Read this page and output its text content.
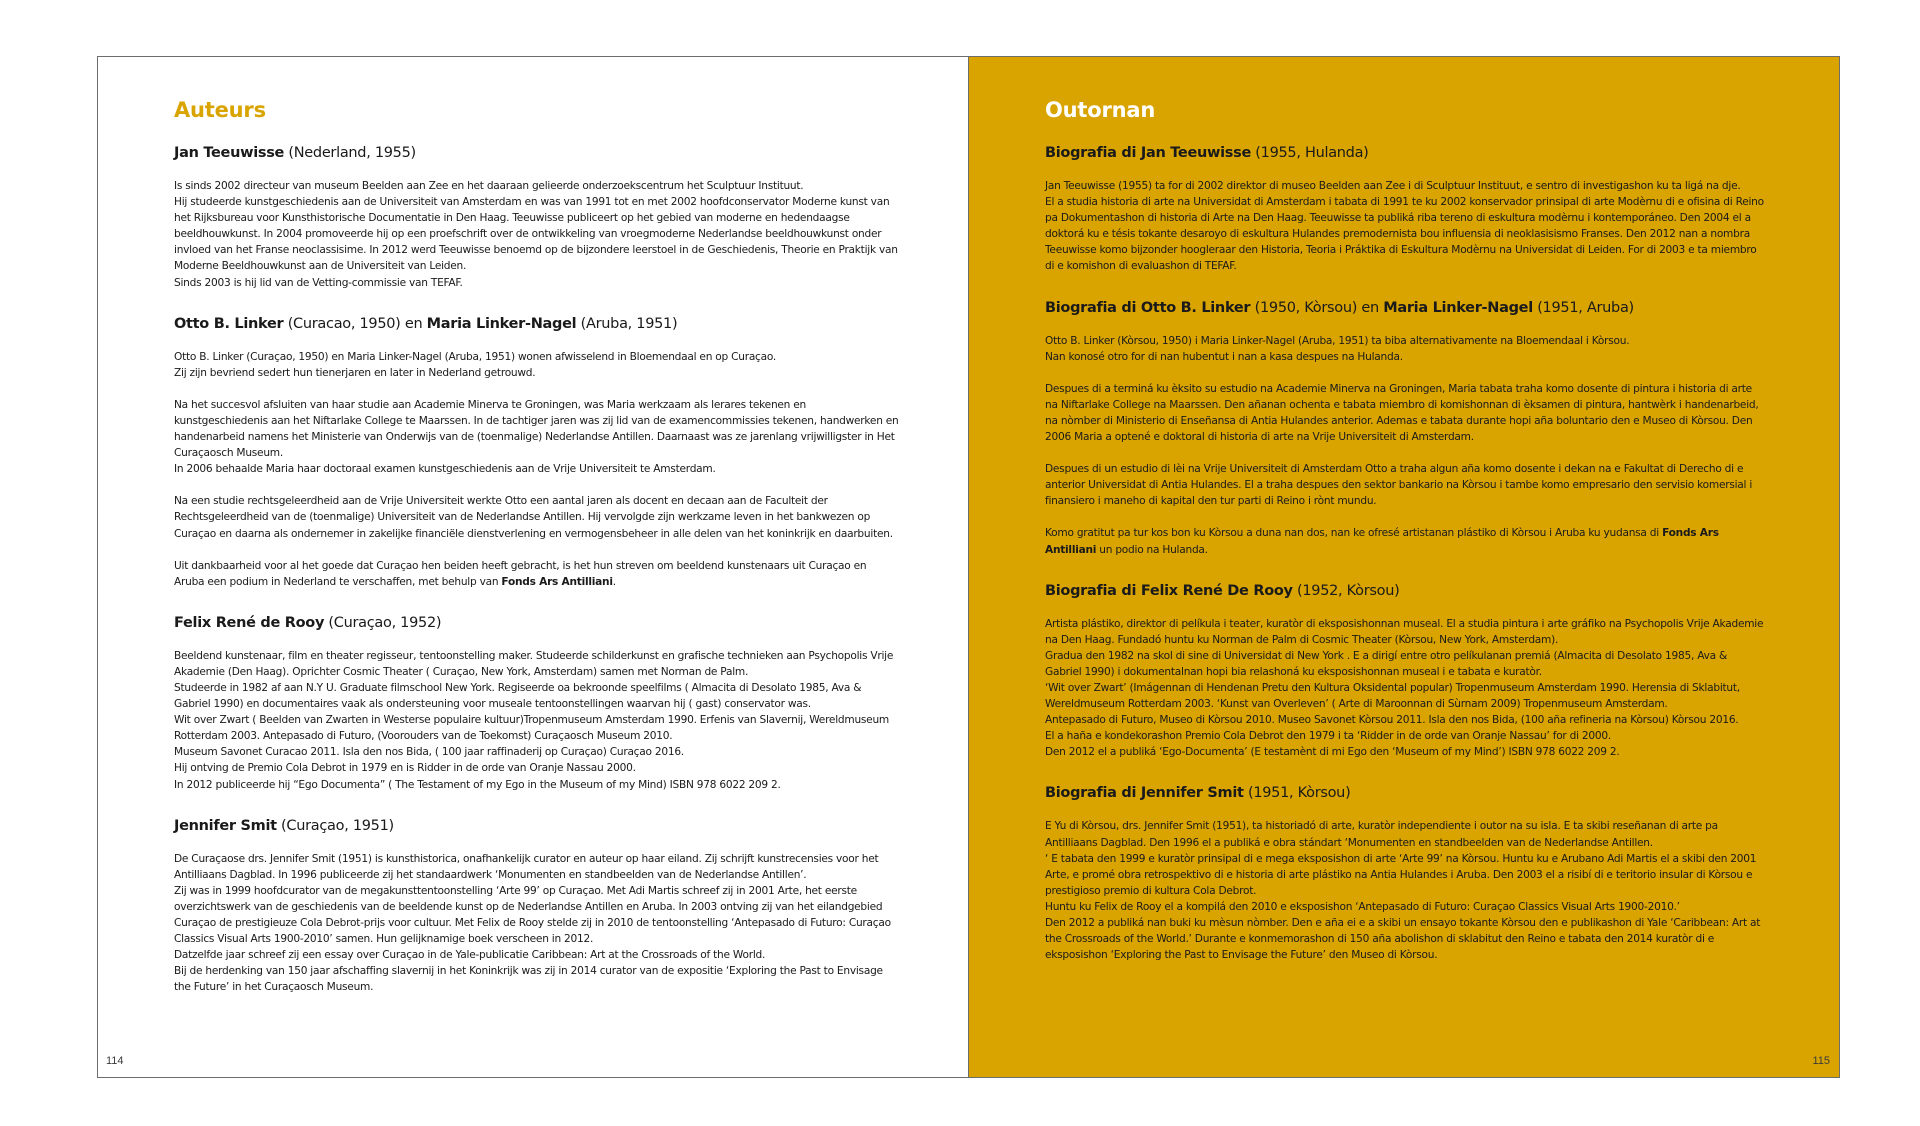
Auteurs
Jan Teeuwisse (Nederland, 1955)

Is sinds 2002 directeur van museum Beelden aan Zee en het daaraan gelieerde onderzoekscentrum het Sculptuur Instituut.
Hij studeerde kunstgeschiedenis aan de Universiteit van Amsterdam en was van 1991 tot en met 2002 hoofdconservator Moderne kunst van het Rijksbureau voor Kunsthistorische Documentatie in Den Haag. Teeuwisse publiceert op het gebied van moderne en hedendaagse beeldhouwkunst. In 2004 promoveerde hij op een proefschrift over de ontwikkeling van vroegmoderne Nederlandse beeldhouwkunst onder invloed van het Franse neoclassisime. In 2012 werd Teeuwisse benoemd op de bijzondere leerstoel in de Geschiedenis, Theorie en Praktijk van Moderne Beeldhouwkunst aan de Universiteit van Leiden.
Sinds 2003 is hij lid van de Vetting-commissie van TEFAF.

Otto B. Linker (Curacao, 1950) en Maria Linker-Nagel (Aruba, 1951)

Otto B. Linker (Curaçao, 1950) en Maria Linker-Nagel (Aruba, 1951) wonen afwisselend in Bloemendaal en op Curaçao.
Zij zijn bevriend sedert hun tienerjaren en later in Nederland getrouwd.

Na het succesvol afsluiten van haar studie aan Academie Minerva te Groningen, was Maria werkzaam als lerares tekenen en kunstgeschiedenis aan het Niftarlake College te Maarssen. In de tachtiger jaren was zij lid van de examencommissies tekenen, handwerken en handenarbeid namens het Ministerie van Onderwijs van de (toenmalige) Nederlandse Antillen. Daarnaast was ze jarenlang vrijwilligster in Het Curaçaosch Museum.
In 2006 behaalde Maria haar doctoraal examen kunstgeschiedenis aan de Vrije Universiteit te Amsterdam.

Na een studie rechtsgeleerdheid aan de Vrije Universiteit werkte Otto een aantal jaren als docent en decaan aan de Faculteit der Rechtsgeleerdheid van de (toenmalige) Universiteit van de Nederlandse Antillen. Hij vervolgde zijn werkzame leven in het bankwezen op Curaçao en daarna als ondernemer in zakelijke financiële dienstverlening en vermogensbeheer in alle delen van het koninkrijk en daarbuiten.

Uit dankbaarheid voor al het goede dat Curaçao hen beiden heeft gebracht, is het hun streven om beeldend kunstenaars uit Curaçao en Aruba een podium in Nederland te verschaffen, met behulp van Fonds Ars Antilliani.

Felix René de Rooy (Curaçao, 1952)

Beeldend kunstenaar, film en theater regisseur, tentoonstelling maker. Studeerde schilderkunst en grafische technieken aan Psychopolis Vrije Akademie (Den Haag). Oprichter Cosmic Theater ( Curaçao, New York, Amsterdam) samen met Norman de Palm.
Studeerde in 1982 af aan N.Y U. Graduate filmschool New York. Regiseerde oa bekroonde speelfilms ( Almacita di Desolato 1985, Ava & Gabriel 1990) en documentaires vaak als ondersteuning voor museale tentoonstellingen waarvan hij ( gast) conservator was.
Wit over Zwart ( Beelden van Zwarten in Westerse populaire kultuur)Tropenmuseum Amsterdam 1990. Erfenis van Slavernij, Wereldmuseum Rotterdam 2003. Antepasado di Futuro, (Voorouders van de Toekomst) Curaçaosch Museum 2010.
Museum Savonet Curacao 2011. Isla den nos Bida, ( 100 jaar raffinaderij op Curaçao) Curaçao 2016.
Hij ontving de Premio Cola Debrot in 1979 en is Ridder in de orde van Oranje Nassau 2000.
In 2012 publiceerde hij “Ego Documenta” ( The Testament of my Ego in the Museum of my Mind) ISBN 978 6022 209 2.

Jennifer Smit (Curaçao, 1951)

De Curaçaose drs. Jennifer Smit (1951) is kunsthistorica, onafhankelijk curator en auteur op haar eiland. Zij schrijft kunstrecensies voor het Antilliaans Dagblad. In 1996 publiceerde zij het standaardwerk ‘Monumenten en standbeelden van de Nederlandse Antillen’.
Zij was in 1999 hoofdcurator van de megakunsttentoonstelling ‘Arte 99’ op Curaçao. Met Adi Martis schreef zij in 2001 Arte, het eerste overzichtswerk van de geschiedenis van de beeldende kunst op de Nederlandse Antillen en Aruba. In 2003 ontving zij van het eilandgebied Curaçao de prestigieuze Cola Debrot-prijs voor cultuur. Met Felix de Rooy stelde zij in 2010 de tentoonstelling ‘Antepasado di Futuro: Curaçao Classics Visual Arts 1900-2010’ samen. Hun gelijknamige boek verscheen in 2012.
Datzelfde jaar schreef zij een essay over Curaçao in de Yale-publicatie Caribbean: Art at the Crossroads of the World.
Bij de herdenking van 150 jaar afschaffing slavernij in het Koninkrijk was zij in 2014 curator van de expositie ‘Exploring the Past to Envisage the Future’ in het Curaçaosch Museum.

114
Outornan
Biografia di Jan Teeuwisse (1955, Hulanda)

Jan Teeuwisse (1955) ta for di 2002 direktor di museo Beelden aan Zee i di Sculptuur Instituut, e sentro di investigashon ku ta ligá na dje.
El a studia historia di arte na Universidat di Amsterdam i tabata di 1991 te ku 2002 konservador prinsipal di arte Modèrnu di e ofisina di Reino pa Dokumentashon di historia di Arte na Den Haag. Teeuwisse ta publiká riba tereno di eskultura modèrnu i kontemporáneo. Den 2004 el a doktorá ku e tésis tokante desaroyo di eskultura Hulandes premodernista bou influensia di neoklasisismo Franses. Den 2012 nan a nombra Teeuwisse komo bijzonder hoogleraar den Historia, Teoria i Práktika di Eskultura Modèrnu na Universidat di Leiden. For di 2003 e ta miembro di e komishon di evaluashon di TEFAF.

Biografia di Otto B. Linker (1950, Kòrsou) en Maria Linker-Nagel (1951, Aruba)

Otto B. Linker (Kòrsou, 1950) i Maria Linker-Nagel (Aruba, 1951) ta biba alternativamente na Bloemendaal i Kòrsou.
Nan konosé otro for di nan hubentut i nan a kasa despues na Hulanda.

Despues di a terminá ku èksito su estudio na Academie Minerva na Groningen, Maria tabata traha komo dosente di pintura i historia di arte na Niftarlake College na Maarssen. Den añanan ochenta e tabata miembro di komishonnan di èksamen di pintura, hantwèrk i handenarbeid, na nòmber di Ministerio di Enseñansa di Antia Hulandes anterior. Ademas e tabata durante hopi aña boluntario den e Museo di Kòrsou. Den 2006 Maria a optené e doktoral di historia di arte na Vrije Universiteit di Amsterdam.

Despues di un estudio di lèi na Vrije Universiteit di Amsterdam Otto a traha algun aña komo dosente i dekan na e Fakultat di Derecho di e anterior Universidat di Antia Hulandes. El a traha despues den sektor bankario na Kòrsou i tambe komo empresario den servisio komersial i finansiero i maneho di kapital den tur parti di Reino i rònt mundu.

Komo gratitut pa tur kos bon ku Kòrsou a duna nan dos, nan ke ofresé artistanan plástiko di Kòrsou i Aruba ku yudansa di Fonds Ars Antilliani un podio na Hulanda.

Biografia di Felix René De Rooy (1952, Kòrsou)

Artista plástiko, direktor di pelíkula i teater, kuratòr di eksposishonnan museal. El a studia pintura i arte gráfiko na Psychopolis Vrije Akademie na Den Haag. Fundadó huntu ku Norman de Palm di Cosmic Theater (Kòrsou, New York, Amsterdam).
Gradua den 1982 na skol di sine di Universidat di New York . E a dirigí entre otro pelíkulanan premiá (Almacita di Desolato 1985, Ava & Gabriel 1990) i dokumentalnan hopi bia relashoná ku eksposishonnan museal i e tabata e kuratòr.
‘Wit over Zwart’ (Imágennan di Hendenan Pretu den Kultura Oksidental popular) Tropenmuseum Amsterdam 1990. Herensia di Sklabitut, Wereldmuseum Rotterdam 2003. ‘Kunst van Overleven’ ( Arte di Maroonnan di Sùrnam 2009) Tropenmuseum Amsterdam.
Antepasado di Futuro, Museo di Kòrsou 2010. Museo Savonet Kòrsou 2011. Isla den nos Bida, (100 aña refineria na Kòrsou) Kòrsou 2016.
El a haña e kondekorashon Premio Cola Debrot den 1979 i ta ‘Ridder in de orde van Oranje Nassau’ for di 2000.
Den 2012 el a publiká ‘Ego-Documenta’ (E testamènt di mi Ego den ‘Museum of my Mind’) ISBN 978 6022 209 2.

Biografia di Jennifer Smit (1951, Kòrsou)

E Yu di Kòrsou, drs. Jennifer Smit (1951), ta historiadó di arte, kuratòr independiente i outor na su isla. E ta skibi reseñanan di arte pa Antilliaans Dagblad. Den 1996 el a publiká e obra stándart ‘Monumenten en standbeelden van de Nederlandse Antillen.
‘ E tabata den 1999 e kuratòr prinsipal di e mega eksposishon di arte ‘Arte 99’ na Kòrsou. Huntu ku e Arubano Adi Martis el a skibi den 2001 Arte, e promé obra retrospektivo di e historia di arte plástiko na Antia Hulandes i Aruba. Den 2003 el a risibí di e teritorio insular di Kòrsou e prestigioso premio di kultura Cola Debrot.
Huntu ku Felix de Rooy el a kompilá den 2010 e eksposishon ‘Antepasado di Futuro: Curaçao Classics Visual Arts 1900-2010.’
Den 2012 a publiká nan buki ku mèsun nòmber. Den e aña ei e a skibi un ensayo tokante Kòrsou den e publikashon di Yale ‘Caribbean: Art at the Crossroads of the World.’ Durante e konmemorashon di 150 aña abolishon di sklabitut den Reino e tabata den 2014 kuratòr di e eksposishon ‘Exploring the Past to Envisage the Future’ den Museo di Kòrsou.

115
